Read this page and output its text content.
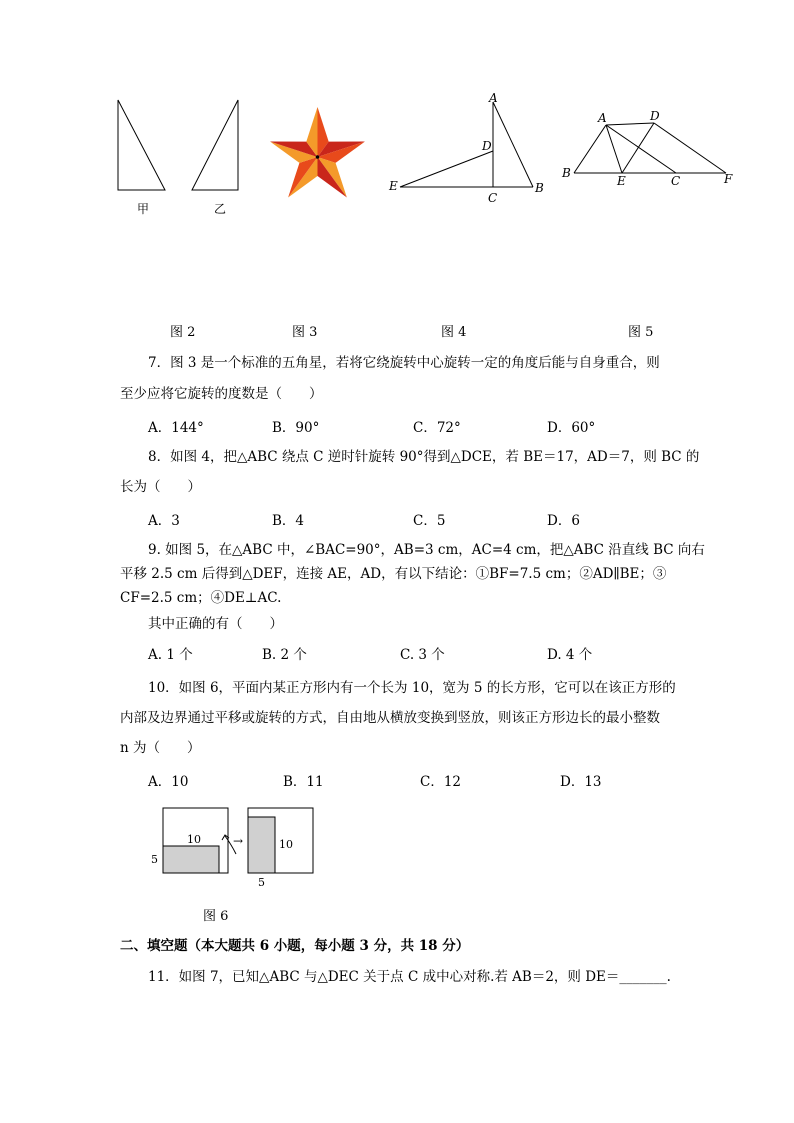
甲	乙
A
D
E
C
B
A	D
B
E	C	F
图 2	图 3	图 4	图 5
7．图 3 是一个标准的五角星，若将它绕旋转中心旋转一定的角度后能与自身重合，则
至少应将它旋转的度数是（　　）
A．144°	B．90°	C．72°	D．60°
8．如图 4，把△ABC 绕点 C 逆时针旋转 90°得到△DCE，若 BE＝17，AD＝7，则 BC 的
长为（　　）
A．3	B．4	C．5	D．6
9. 如图 5，在△ABC 中，∠BAC=90°，AB=3 cm，AC=4 cm，把△ABC 沿直线 BC 向右
平移 2.5 cm 后得到△DEF，连接 AE，AD，有以下结论：①BF=7.5 cm；②AD∥BE；③
CF=2.5 cm；④DE⊥AC.
其中正确的有（　　）
A. 1 个	B. 2 个	C. 3 个	D. 4 个
10．如图 6，平面内某正方形内有一个长为 10，宽为 5 的长方形，它可以在该正方形的
内部及边界通过平移或旋转的方式，自由地从横放变换到竖放，则该正方形边长的最小整数
n 为（　　）
A．10	B．11	C．12	D．13
10
5
→	10
5
图 6
二、填空题（本大题共 6 小题，每小题 3 分，共 18 分）
11．如图 7，已知△ABC 与△DEC 关于点 C 成中心对称.若 AB＝2，则 DE＝_______.
